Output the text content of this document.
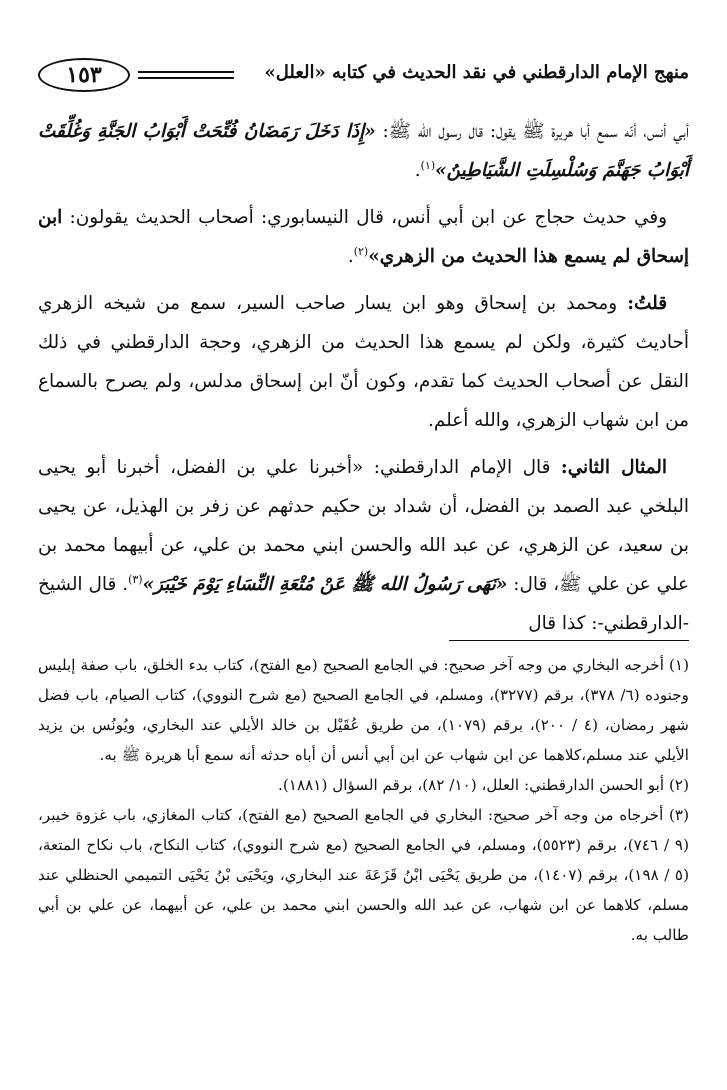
منهج الإمام الدارقطني في نقد الحديث في كتابه «العلل»
١٥٣

أبي أنس، أنّه سمع أبا هريرة ﷺ يقول: قال رسول الله ﷺ: «إِذَا دَخَلَ رَمَضَانُ فُتِّحَتْ أَبْوَابُ الجَنَّةِ وَغُلِّقَتْ أَبْوَابُ جَهَنَّمَ وَسُلْسِلَتِ الشَّيَاطِينُ»$^{(١)}$.

وفي حديث حجاج عن ابن أبي أنس، قال النيسابوري: أصحاب الحديث يقولون: ابن إسحاق لم يسمع هذا الحديث من الزهري»$^{(٢)}$.

قلتُ: ومحمد بن إسحاق وهو ابن يسار صاحب السير، سمع من شيخه الزهري أحاديث كثيرة، ولكن لم يسمع هذا الحديث من الزهري، وحجة الدارقطني في ذلك النقل عن أصحاب الحديث كما تقدم، وكون أنّ ابن إسحاق مدلس، ولم يصرح بالسماع من ابن شهاب الزهري، والله أعلم.

المثال الثاني: قال الإمام الدارقطني: «أخبرنا علي بن الفضل، أخبرنا أبو يحيى البلخي عبد الصمد بن الفضل، أن شداد بن حكيم حدثهم عن زفر بن الهذيل، عن يحيى بن سعيد، عن الزهري، عن عبد الله والحسن ابني محمد بن علي، عن أبيهما محمد بن علي عن علي ﷺ، قال: «نَهَى رَسُولُ الله ﷺ عَنْ مُتْعَةِ النِّسَاءِ يَوْمَ خَيْبَرَ»$^{(٣)}$. قال الشيخ -الدارقطني-: كذا قال

(١) أخرجه البخاري من وجه آخر صحيح: في الجامع الصحيح (مع الفتح)، كتاب بدء الخلق، باب صفة إبليس وجنوده (٦/ ٣٧٨)، برقم (٣٢٧٧)، ومسلم، في الجامع الصحيح (مع شرح النووي)، كتاب الصيام، باب فضل شهر رمضان، (٤ / ٢٠٠)، برقم (١٠٧٩)، من طريق عُقَيْل بن خالد الأيلي عند البخاري، ويُونُس بن يزيد الأيلي عند مسلم،كلاهما عن ابن شهاب عن ابن أبي أنس أن أباه حدثه أنه سمع أبا هريرة ﷺ به.

(٢) أبو الحسن الدارقطني: العلل، (١٠/ ٨٢)، برقم السؤال (١٨٨١).

(٣) أخرجاه من وجه آخر صحيح: البخاري في الجامع الصحيح (مع الفتح)، كتاب المغازي، باب غزوة خيبر، (٩ / ٧٤٦)، برقم (٥٥٢٣)، ومسلم، في الجامع الصحيح (مع شرح النووي)، كتاب النكاح، باب نكاح المتعة، (٥ / ١٩٨)، برقم (١٤٠٧)، من طريق يَحْيَى ابْنُ قَزَعَةَ عند البخاري، ويَحْيَى بْنُ يَحْيَى التميمي الحنظلي عند مسلم، كلاهما عن ابن شهاب، عن عبد الله والحسن ابني محمد بن علي، عن أبيهما، عن علي بن أبي طالب به.
